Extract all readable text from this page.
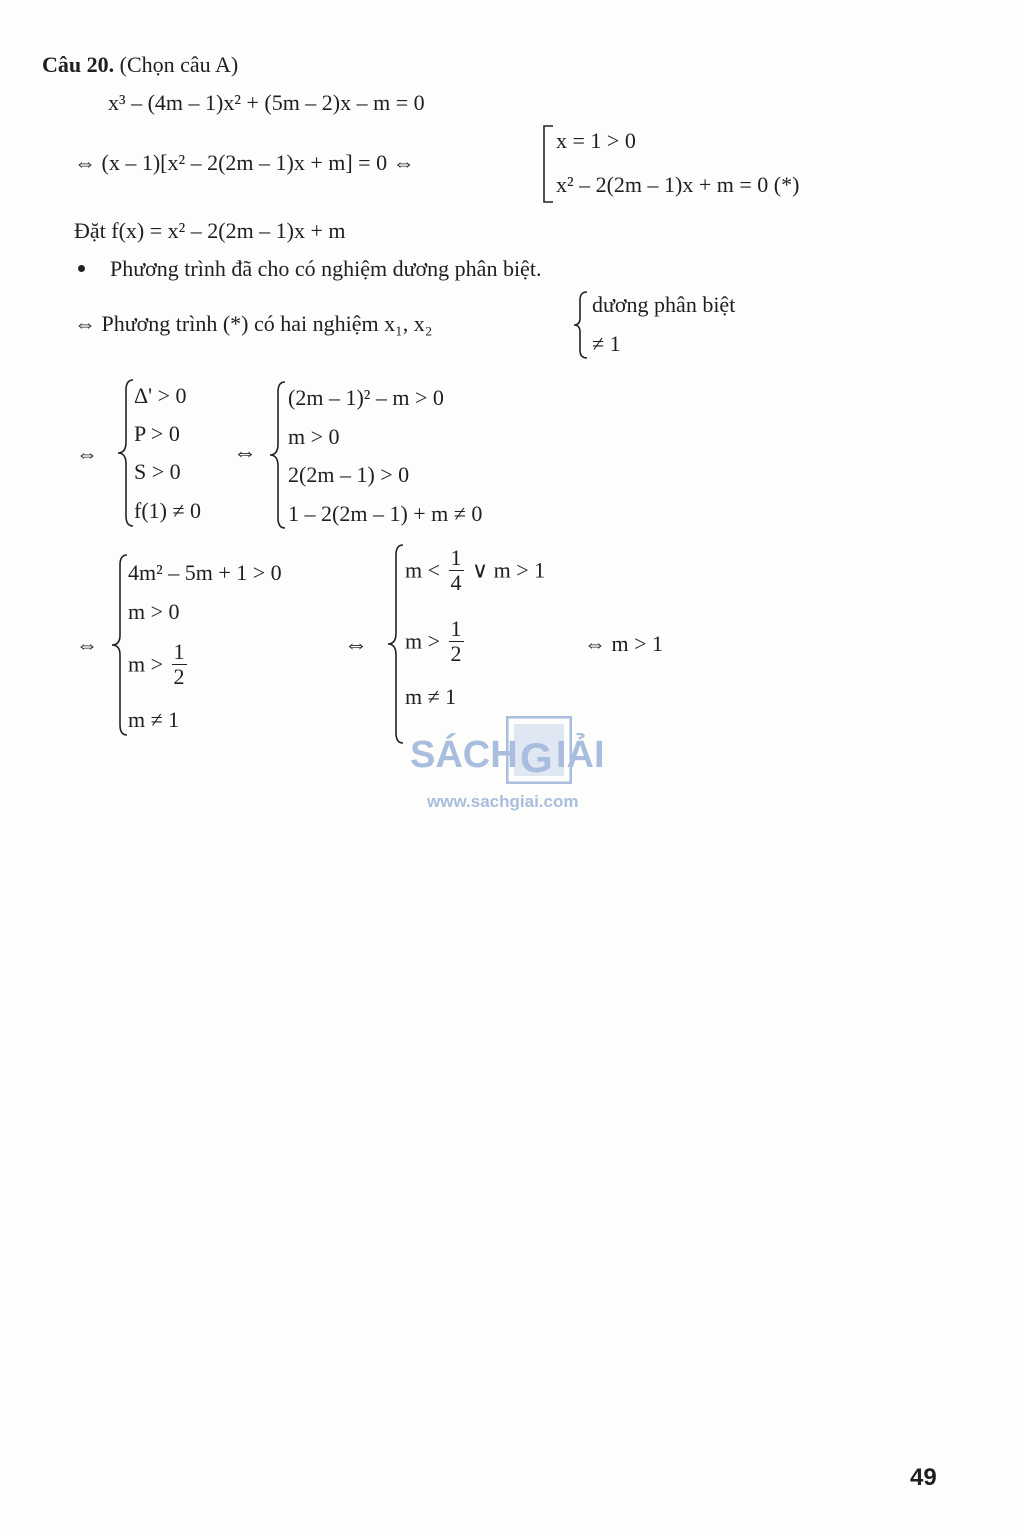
Câu 20. (Chọn câu A)
x³ – (4m – 1)x² + (5m – 2)x – m = 0
⇔ (x – 1)[x² – 2(2m – 1)x + m] = 0 ⇔
x = 1 > 0
x² – 2(2m – 1)x + m = 0 (*)
Đặt f(x) = x² – 2(2m – 1)x + m
Phương trình đã cho có nghiệm dương phân biệt.
⇔ Phương trình (*) có hai nghiệm x₁, x₂
dương phân biệt
≠ 1
⇔
Δ' > 0
P > 0
S > 0
f(1) ≠ 0
⇔
(2m – 1)² – m > 0
m > 0
2(2m – 1) > 0
1 – 2(2m – 1) + m ≠ 0
⇔
4m² – 5m + 1 > 0
m > 0
$m > \frac{1}{2}$
m ≠ 1
⇔
$m < \frac{1}{4}$ ∨ m > 1
$m > \frac{1}{2}$
m ≠ 1
⇔ m > 1
SÁCH G IẢI
www.sachgiai.com
49
